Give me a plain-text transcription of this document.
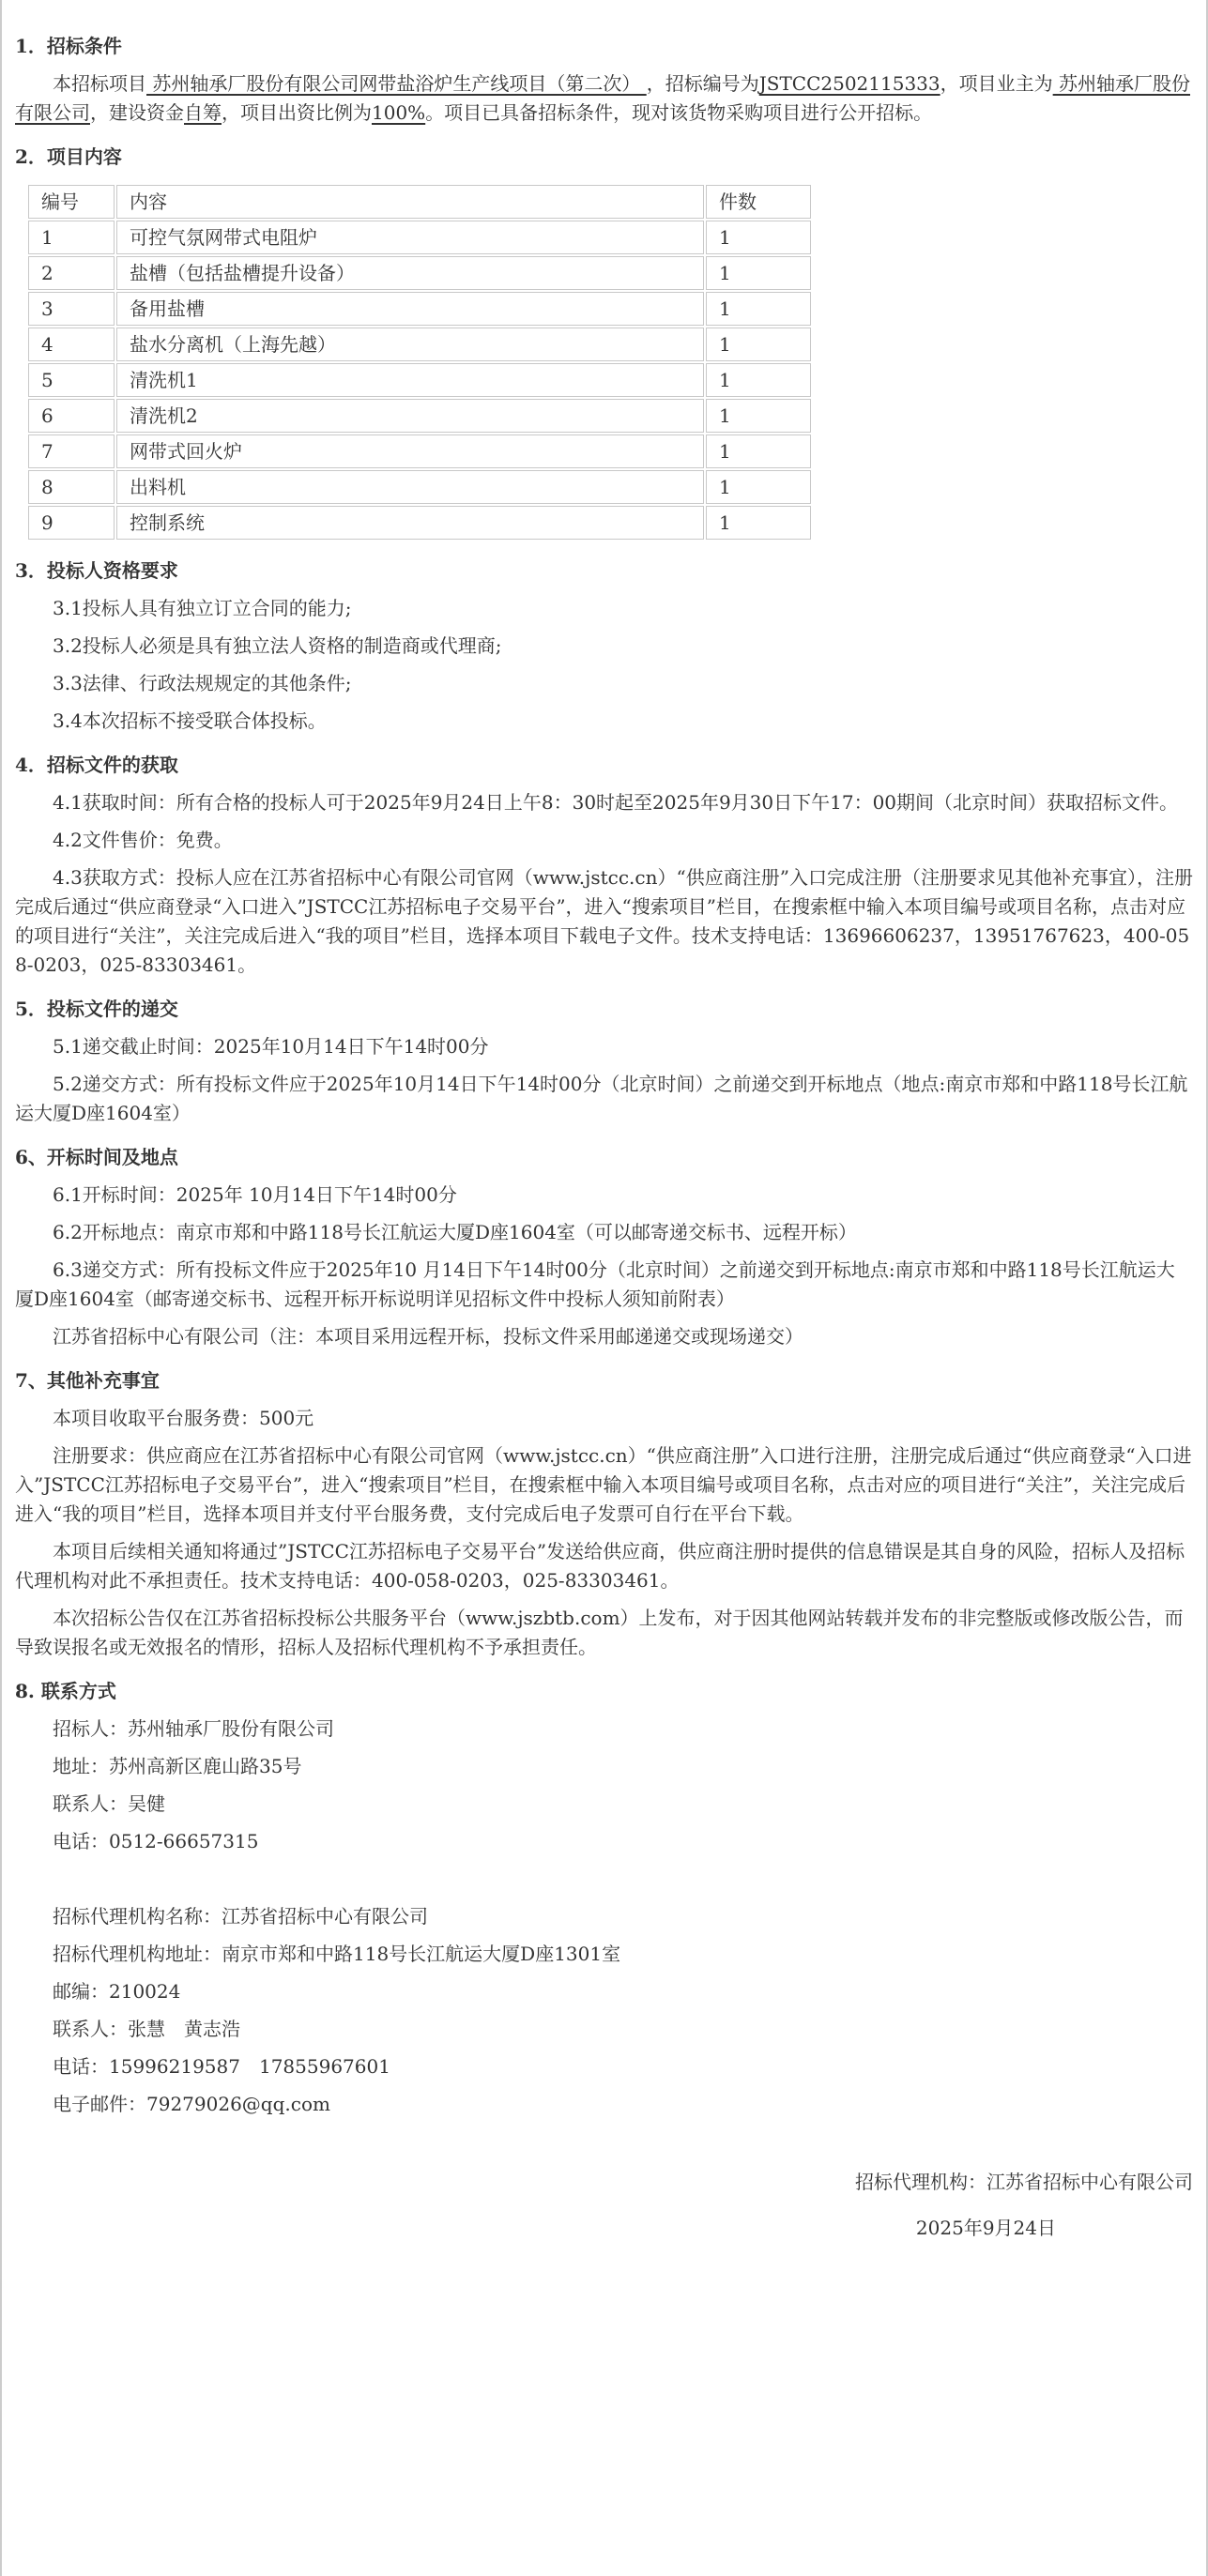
1．招标条件

本招标项目 苏州轴承厂股份有限公司网带盐浴炉生产线项目（第二次） ，招标编号为JSTCC2502115333，项目业主为 苏州轴承厂股份有限公司，建设资金自筹，项目出资比例为100%。项目已具备招标条件，现对该货物采购项目进行公开招标。

2．项目内容
编号	内容	件数
1	可控气氛网带式电阻炉	1
2	盐槽（包括盐槽提升设备）	1
3	备用盐槽	1
4	盐水分离机（上海先越）	1
5	清洗机1	1
6	清洗机2	1
7	网带式回火炉	1
8	出料机	1
9	控制系统	1
3．投标人资格要求

3.1投标人具有独立订立合同的能力;

3.2投标人必须是具有独立法人资格的制造商或代理商;

3.3法律、行政法规规定的其他条件;

3.4本次招标不接受联合体投标。

4．招标文件的获取

4.1获取时间：所有合格的投标人可于2025年9月24日上午8：30时起至2025年9月30日下午17：00期间（北京时间）获取招标文件。

4.2文件售价：免费。

4.3获取方式：投标人应在江苏省招标中心有限公司官网（www.jstcc.cn）“供应商注册”入口完成注册（注册要求见其他补充事宜），注册完成后通过“供应商登录“入口进入”JSTCC江苏招标电子交易平台”，进入“搜索项目”栏目，在搜索框中输入本项目编号或项目名称，点击对应的项目进行“关注”，关注完成后进入“我的项目”栏目，选择本项目下载电子文件。技术支持电话：13696606237，13951767623，400-058-0203，025-83303461。

5．投标文件的递交

5.1递交截止时间：2025年10月14日下午14时00分

5.2递交方式：所有投标文件应于2025年10月14日下午14时00分（北京时间）之前递交到开标地点（地点:南京市郑和中路118号长江航运大厦D座1604室）

6、开标时间及地点

6.1开标时间：2025年 10月14日下午14时00分

6.2开标地点：南京市郑和中路118号长江航运大厦D座1604室（可以邮寄递交标书、远程开标）

6.3递交方式：所有投标文件应于2025年10 月14日下午14时00分（北京时间）之前递交到开标地点:南京市郑和中路118号长江航运大厦D座1604室（邮寄递交标书、远程开标开标说明详见招标文件中投标人须知前附表）

江苏省招标中心有限公司（注：本项目采用远程开标，投标文件采用邮递递交或现场递交）

7、其他补充事宜

本项目收取平台服务费：500元

注册要求：供应商应在江苏省招标中心有限公司官网（www.jstcc.cn）“供应商注册”入口进行注册，注册完成后通过“供应商登录“入口进入”JSTCC江苏招标电子交易平台”，进入“搜索项目”栏目，在搜索框中输入本项目编号或项目名称，点击对应的项目进行“关注”，关注完成后进入“我的项目”栏目，选择本项目并支付平台服务费，支付完成后电子发票可自行在平台下载。

本项目后续相关通知将通过”JSTCC江苏招标电子交易平台”发送给供应商，供应商注册时提供的信息错误是其自身的风险，招标人及招标代理机构对此不承担责任。技术支持电话：400-058-0203，025-83303461。

本次招标公告仅在江苏省招标投标公共服务平台（www.jszbtb.com）上发布，对于因其他网站转载并发布的非完整版或修改版公告，而导致误报名或无效报名的情形，招标人及招标代理机构不予承担责任。

8. 联系方式

招标人：苏州轴承厂股份有限公司

地址：苏州高新区鹿山路35号

联系人：吴健

电话：0512-66657315

招标代理机构名称：江苏省招标中心有限公司

招标代理机构地址：南京市郑和中路118号长江航运大厦D座1301室

邮编：210024

联系人：张慧　黄志浩

电话：15996219587　17855967601

电子邮件：79279026@qq.com

招标代理机构：江苏省招标中心有限公司

2025年9月24日
